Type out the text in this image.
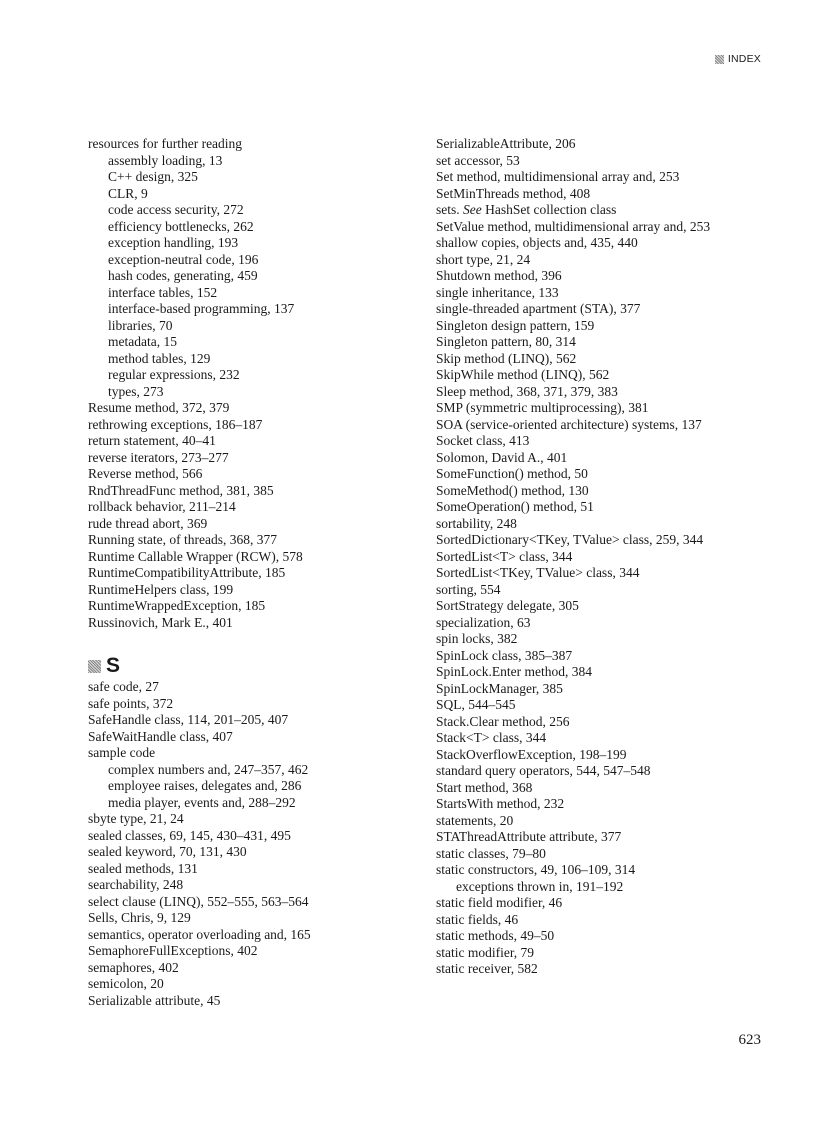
INDEX
resources for further reading
assembly loading, 13
C++ design, 325
CLR, 9
code access security, 272
efficiency bottlenecks, 262
exception handling, 193
exception-neutral code, 196
hash codes, generating, 459
interface tables, 152
interface-based programming, 137
libraries, 70
metadata, 15
method tables, 129
regular expressions, 232
types, 273
Resume method, 372, 379
rethrowing exceptions, 186–187
return statement, 40–41
reverse iterators, 273–277
Reverse method, 566
RndThreadFunc method, 381, 385
rollback behavior, 211–214
rude thread abort, 369
Running state, of threads, 368, 377
Runtime Callable Wrapper (RCW), 578
RuntimeCompatibilityAttribute, 185
RuntimeHelpers class, 199
RuntimeWrappedException, 185
Russinovich, Mark E., 401
S
safe code, 27
safe points, 372
SafeHandle class, 114, 201–205, 407
SafeWaitHandle class, 407
sample code
complex numbers and, 247–357, 462
employee raises, delegates and, 286
media player, events and, 288–292
sbyte type, 21, 24
sealed classes, 69, 145, 430–431, 495
sealed keyword, 70, 131, 430
sealed methods, 131
searchability, 248
select clause (LINQ), 552–555, 563–564
Sells, Chris, 9, 129
semantics, operator overloading and, 165
SemaphoreFullExceptions, 402
semaphores, 402
semicolon, 20
Serializable attribute, 45
SerializableAttribute, 206
set accessor, 53
Set method, multidimensional array and, 253
SetMinThreads method, 408
sets. See HashSet collection class
SetValue method, multidimensional array and, 253
shallow copies, objects and, 435, 440
short type, 21, 24
Shutdown method, 396
single inheritance, 133
single-threaded apartment (STA), 377
Singleton design pattern, 159
Singleton pattern, 80, 314
Skip method (LINQ), 562
SkipWhile method (LINQ), 562
Sleep method, 368, 371, 379, 383
SMP (symmetric multiprocessing), 381
SOA (service-oriented architecture) systems, 137
Socket class, 413
Solomon, David A., 401
SomeFunction() method, 50
SomeMethod() method, 130
SomeOperation() method, 51
sortability, 248
SortedDictionary<TKey, TValue> class, 259, 344
SortedList<T> class, 344
SortedList<TKey, TValue> class, 344
sorting, 554
SortStrategy delegate, 305
specialization, 63
spin locks, 382
SpinLock class, 385–387
SpinLock.Enter method, 384
SpinLockManager, 385
SQL, 544–545
Stack.Clear method, 256
Stack<T> class, 344
StackOverflowException, 198–199
standard query operators, 544, 547–548
Start method, 368
StartsWith method, 232
statements, 20
STAThreadAttribute attribute, 377
static classes, 79–80
static constructors, 49, 106–109, 314
exceptions thrown in, 191–192
static field modifier, 46
static fields, 46
static methods, 49–50
static modifier, 79
static receiver, 582
623
